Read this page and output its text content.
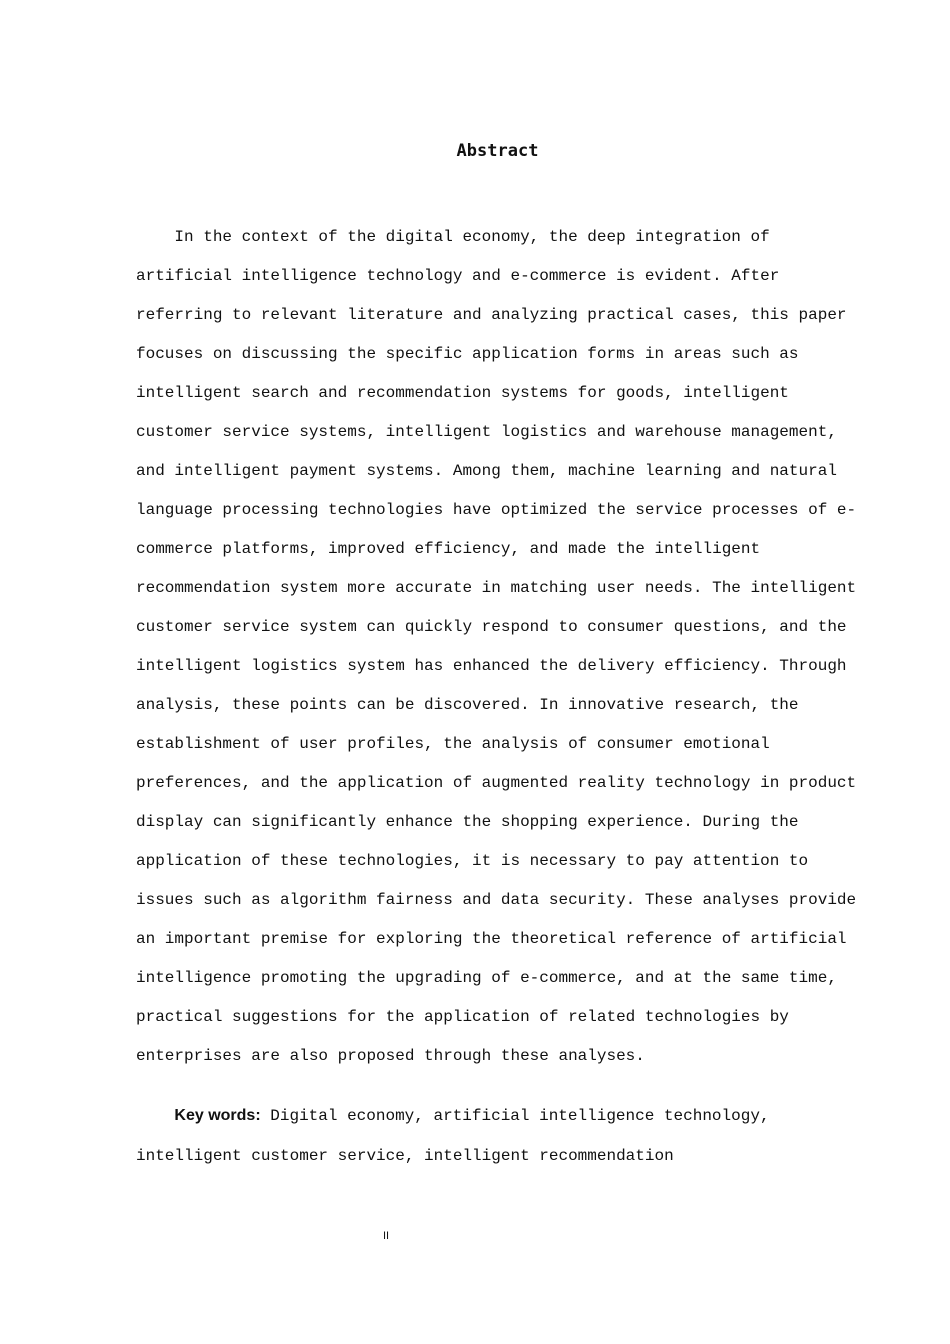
Abstract
In the context of the digital economy, the deep integration of
artificial intelligence technology and e-commerce is evident. After
referring to relevant literature and analyzing practical cases, this paper
focuses on discussing the specific application forms in areas such as
intelligent search and recommendation systems for goods, intelligent
customer service systems, intelligent logistics and warehouse management,
and intelligent payment systems. Among them, machine learning and natural
language processing technologies have optimized the service processes of e-
commerce platforms, improved efficiency, and made the intelligent
recommendation system more accurate in matching user needs. The intelligent
customer service system can quickly respond to consumer questions, and the
intelligent logistics system has enhanced the delivery efficiency. Through
analysis, these points can be discovered. In innovative research, the
establishment of user profiles, the analysis of consumer emotional
preferences, and the application of augmented reality technology in product
display can significantly enhance the shopping experience. During the
application of these technologies, it is necessary to pay attention to
issues such as algorithm fairness and data security. These analyses provide
an important premise for exploring the theoretical reference of artificial
intelligence promoting the upgrading of e-commerce, and at the same time,
practical suggestions for the application of related technologies by
enterprises are also proposed through these analyses.
Key words: Digital economy, artificial intelligence technology,
intelligent customer service, intelligent recommendation
II
